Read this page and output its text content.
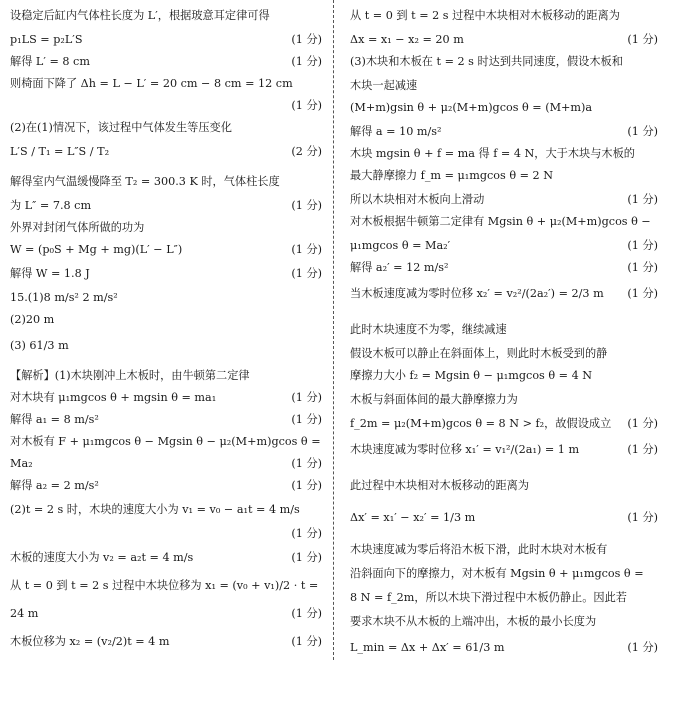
设稳定后缸内气体柱长度为 L′，根据玻意耳定律可得
p₁LS = p₂L′S	(1 分)
解得 L′ = 8 cm	(1 分)
则椅面下降了 Δh = L − L′ = 20 cm − 8 cm = 12 cm
(1 分)
(2)在(1)情况下，该过程中气体发生等压变化
L′S / T₁ = L″S / T₂	(2 分)
解得室内气温缓慢降至 T₂ = 300.3 K 时，气体柱长度
为 L″ = 7.8 cm	(1 分)
外界对封闭气体所做的功为
W = (p₀S + Mg + mg)(L′ − L″)	(1 分)
解得 W = 1.8 J	(1 分)
15.(1)8 m/s² 2 m/s²
(2)20 m
(3) 61/3 m
【解析】(1)木块刚冲上木板时，由牛顿第二定律
对木块有 μ₁mgcos θ + mgsin θ = ma₁	(1 分)
解得 a₁ = 8 m/s²	(1 分)
对木板有 F + μ₁mgcos θ − Mgsin θ − μ₂(M+m)gcos θ =
Ma₂	(1 分)
解得 a₂ = 2 m/s²	(1 分)
(2)t = 2 s 时，木块的速度大小为 v₁ = v₀ − a₁t = 4 m/s
(1 分)
木板的速度大小为 v₂ = a₂t = 4 m/s	(1 分)
从 t = 0 到 t = 2 s 过程中木块位移为 x₁ = (v₀ + v₁)/2 · t =
24 m	(1 分)
木板位移为 x₂ = (v₂/2)t = 4 m	(1 分)
从 t = 0 到 t = 2 s 过程中木块相对木板移动的距离为
Δx = x₁ − x₂ = 20 m	(1 分)
(3)木块和木板在 t = 2 s 时达到共同速度，假设木板和
木块一起减速
(M+m)gsin θ + μ₂(M+m)gcos θ = (M+m)a
解得 a = 10 m/s²	(1 分)
木块 mgsin θ + f = ma 得 f = 4 N，大于木块与木板的
最大静摩擦力 f_m = μ₁mgcos θ = 2 N
所以木块相对木板向上滑动	(1 分)
对木板根据牛顿第二定律有 Mgsin θ + μ₂(M+m)gcos θ −
μ₁mgcos θ = Ma₂′	(1 分)
解得 a₂′ = 12 m/s²	(1 分)
当木板速度减为零时位移 x₂′ = v₂²/(2a₂′) = 2/3 m (1 分)
此时木块速度不为零，继续减速
假设木板可以静止在斜面体上，则此时木板受到的静
摩擦力大小 f₂ = Mgsin θ − μ₁mgcos θ = 4 N
木板与斜面体间的最大静摩擦力为
f_2m = μ₂(M+m)gcos θ = 8 N > f₂，故假设成立 (1 分)
木块速度减为零时位移 x₁′ = v₁²/(2a₁) = 1 m	(1 分)
此过程中木块相对木板移动的距离为
Δx′ = x₁′ − x₂′ = 1/3 m	(1 分)
木块速度减为零后将沿木板下滑，此时木块对木板有
沿斜面向下的摩擦力，对木板有 Mgsin θ + μ₁mgcos θ =
8 N = f_2m，所以木块下滑过程中木板仍静止。因此若
要求木块不从木板的上端冲出，木板的最小长度为
L_min = Δx + Δx′ = 61/3 m	(1 分)
